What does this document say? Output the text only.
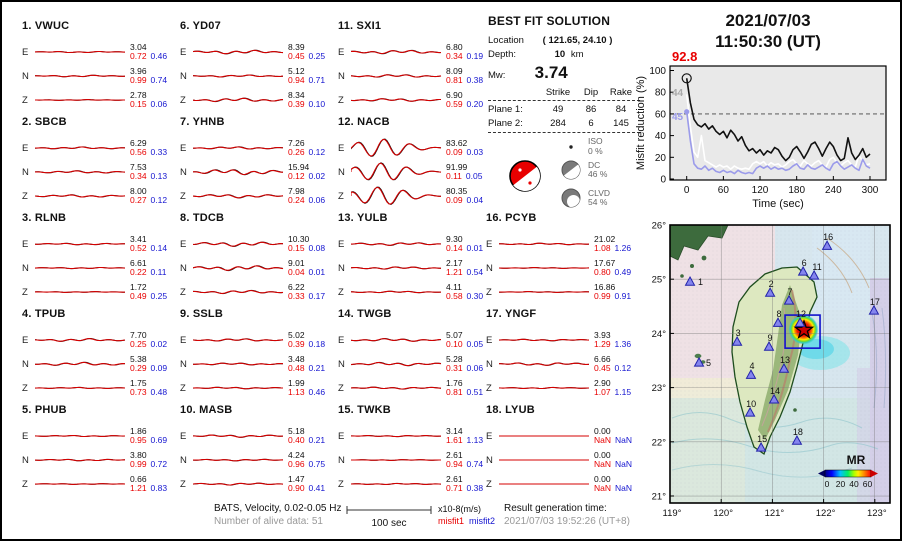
1. VWUC
E	3.04
0.72 0.46
N	3.96
0.99 0.74
Z	2.78
0.15 0.06
2. SBCB
E	6.29
0.56 0.33
N	7.53
0.34 0.13
Z	8.00
0.27 0.12
3. RLNB
E	3.41
0.52 0.14
N	6.61
0.22 0.11
Z	1.72
0.49 0.25
4. TPUB
E	7.70
0.25 0.02
N	5.38
0.29 0.09
Z	1.75
0.73 0.48
5. PHUB
E	1.86
0.95 0.69
N	3.80
0.99 0.72
Z	0.66
1.21 0.83
6. YD07
E	8.39
0.45 0.25
N	5.12
0.94 0.71
Z	8.34
0.39 0.10
7. YHNB
E	7.26
0.26 0.12
N	15.94
0.12 0.02
Z	7.98
0.24 0.06
8. TDCB
E	10.30
0.15 0.08
N	9.01
0.04 0.01
Z	6.22
0.33 0.17
9. SSLB
E	5.02
0.39 0.18
N	3.48
0.48 0.21
Z	1.99
1.13 0.46
10. MASB
E	5.18
0.40 0.21
N	4.24
0.96 0.75
Z	1.47
0.90 0.41
11. SXI1
E	6.80
0.34 0.19
N	8.09
0.81 0.38
Z	6.90
0.59 0.20
12. NACB
E	83.62
0.09 0.03
N	91.99
0.11 0.05
Z	80.35
0.09 0.04
13. YULB
E	9.30
0.14 0.01
N	2.17
1.21 0.54
Z	4.11
0.58 0.30
14. TWGB
E	5.07
0.10 0.05
N	5.28
0.31 0.06
Z	1.76
0.81 0.51
15. TWKB
E	3.14
1.61 1.13
N	2.61
0.94 0.74
Z	2.61
0.71 0.38
16. PCYB
E	21.02
1.08 1.26
N	17.67
0.80 0.49
Z	16.86
0.99 0.91
17. YNGF
E	3.93
1.29 1.36
N	6.66
0.45 0.12
Z	2.90
1.07 1.15
18. LYUB
E	0.00
NaN NaN
N	0.00
NaN NaN
Z	0.00
NaN NaN
BEST FIT SOLUTION
Location ( 121.65, 24.10 )
Depth:	10 km
Mw: 3.74
Strike	Dip	Rake
Plane 1:	49	86	84
Plane 2:	284	6	145
ISO
0 %
DC
46 %
CLVD
54 %
2021/07/03
11:50:30 (UT)
0
20
40
60
80
100
0	60 120 180 240 300
Time (sec)
Misfit reduction (%)
92.8
44
45
1	2
3
4
5
6
7
8
9
10
11
12
13
14
15
16
17
18
MR
0 20 40 60
26°
25°
24°
23°
22°
21°
119°	120°	121°	122°	123°
BATS, Velocity, 0.02-0.05 Hz
Number of alive data: 51	100 sec
x10-8(m/s)
misfit1 misfit2
Result generation time:
2021/07/03 19:52:26 (UT+8)
